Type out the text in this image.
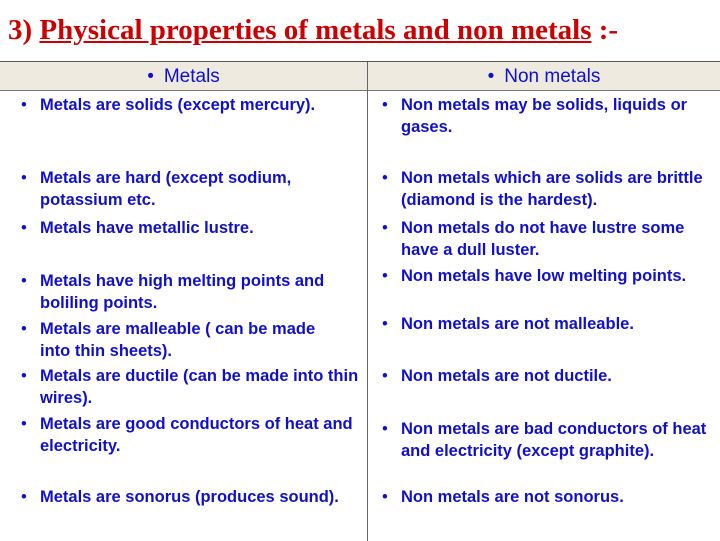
3) Physical properties of metals and non metals :-
• Metals	• Non metals
• Metals are solids (except mercury).
• Metals are hard (except sodium, potassium etc.
• Metals have metallic lustre.
• Metals have high melting points and boliling points.
• Metals are malleable ( can be made into thin sheets).
• Metals are ductile (can be made into thin wires).
• Metals are good conductors of heat and electricity.
• Metals are sonorus (produces sound).
• Non metals may be solids, liquids or gases.
• Non metals which are solids are brittle (diamond is the hardest).
• Non metals do not have lustre some have a dull luster.
• Non metals have low melting points.
• Non metals are not malleable.
• Non metals are not ductile.
• Non metals are bad conductors of heat and electricity (except graphite).
• Non metals are not sonorus.
